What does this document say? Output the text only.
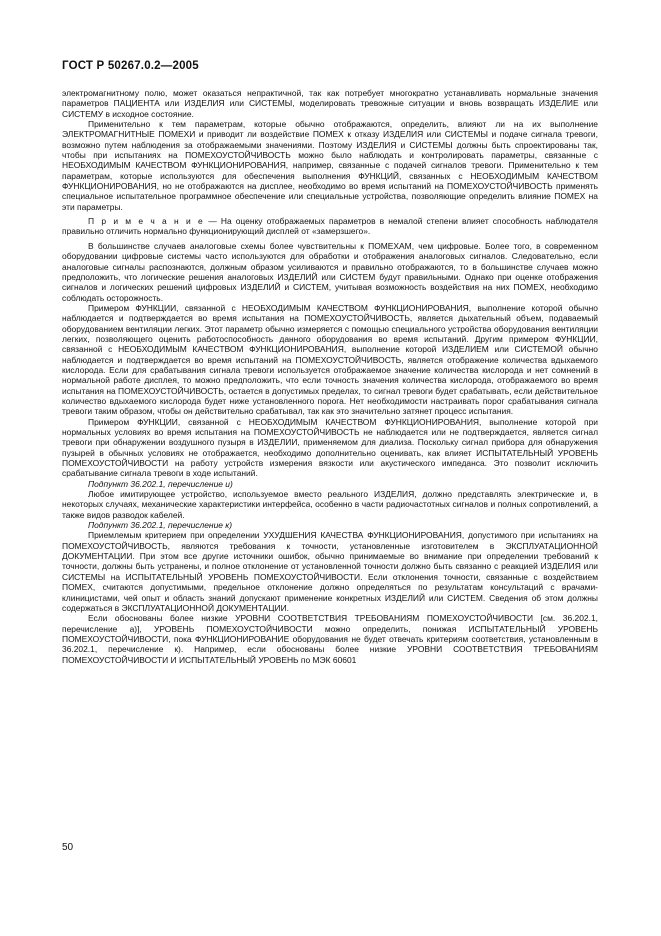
ГОСТ Р 50267.0.2—2005

электромагнитному полю, может оказаться непрактичной, так как потребует многократно устанавливать нормальные значения параметров ПАЦИЕНТА или ИЗДЕЛИЯ или СИСТЕМЫ, моделировать тревожные ситуации и вновь возвращать ИЗДЕЛИЕ или СИСТЕМУ в исходное состояние.

Применительно к тем параметрам, которые обычно отображаются, определить, влияют ли на их выполнение ЭЛЕКТРОМАГНИТНЫЕ ПОМЕХИ и приводит ли воздействие ПОМЕХ к отказу ИЗДЕЛИЯ или СИСТЕМЫ и подаче сигнала тревоги, возможно путем наблюдения за отображаемыми значениями. Поэтому ИЗДЕЛИЯ и СИСТЕМЫ должны быть спроектированы так, чтобы при испытаниях на ПОМЕХОУСТОЙЧИВОСТЬ можно было наблюдать и контролировать параметры, связанные с НЕОБХОДИМЫМ КАЧЕСТВОМ ФУНКЦИОНИРОВАНИЯ, например, связанные с подачей сигналов тревоги. Применительно к тем параметрам, которые используются для обеспечения выполнения ФУНКЦИЙ, связанных с НЕОБХОДИМЫМ КАЧЕСТВОМ ФУНКЦИОНИРОВАНИЯ, но не отображаются на дисплее, необходимо во время испытаний на ПОМЕХОУСТОЙЧИВОСТЬ применять специальное испытательное программное обеспечение или специальные устройства, позволяющие определить влияние ПОМЕХ на эти параметры.

П р и м е ч а н и е — На оценку отображаемых параметров в немалой степени влияет способность наблюдателя правильно отличить нормально функционирующий дисплей от «замерзшего».

В большинстве случаев аналоговые схемы более чувствительны к ПОМЕХАМ, чем цифровые. Более того, в современном оборудовании цифровые системы часто используются для обработки и отображения аналоговых сигналов. Следовательно, если аналоговые сигналы распознаются, должным образом усиливаются и правильно отображаются, то в большинстве случаев можно предположить, что логические решения аналоговых ИЗДЕЛИЙ или СИСТЕМ будут правильными. Однако при оценке отображения сигналов и логических решений цифровых ИЗДЕЛИЙ и СИСТЕМ, учитывая возможность воздействия на них ПОМЕХ, необходимо соблюдать осторожность.

Примером ФУНКЦИИ, связанной с НЕОБХОДИМЫМ КАЧЕСТВОМ ФУНКЦИОНИРОВАНИЯ, выполнение которой обычно наблюдается и подтверждается во время испытания на ПОМЕХОУСТОЙЧИВОСТЬ, является дыхательный объем, подаваемый оборудованием вентиляции легких. Этот параметр обычно измеряется с помощью специального устройства оборудования вентиляции легких, позволяющего оценить работоспособность данного оборудования во время испытаний. Другим примером ФУНКЦИИ, связанной с НЕОБХОДИМЫМ КАЧЕСТВОМ ФУНКЦИОНИРОВАНИЯ, выполнение которой ИЗДЕЛИЕМ или СИСТЕМОЙ обычно наблюдается и подтверждается во время испытаний на ПОМЕХОУСТОЙЧИВОСТЬ, является отображение количества вдыхаемого кислорода. Если для срабатывания сигнала тревоги используется отображаемое значение количества кислорода и нет сомнений в нормальной работе дисплея, то можно предположить, что если точность значения количества кислорода, отображаемого во время испытания на ПОМЕХОУСТОЙЧИВОСТЬ, остается в допустимых пределах, то сигнал тревоги будет срабатывать, если действительное количество вдыхаемого кислорода будет ниже установленного порога. Нет необходимости настраивать порог срабатывания сигнала тревоги таким образом, чтобы он действительно срабатывал, так как это значительно затянет процесс испытания.

Примером ФУНКЦИИ, связанной с НЕОБХОДИМЫМ КАЧЕСТВОМ ФУНКЦИОНИРОВАНИЯ, выполнение которой при нормальных условиях во время испытания на ПОМЕХОУСТОЙЧИВОСТЬ не наблюдается или не подтверждается, является сигнал тревоги при обнаружении воздушного пузыря в ИЗДЕЛИИ, применяемом для диализа. Поскольку сигнал прибора для обнаружения пузырей в обычных условиях не отображается, необходимо дополнительно оценивать, как влияет ИСПЫТАТЕЛЬНЫЙ УРОВЕНЬ ПОМЕХОУСТОЙЧИВОСТИ на работу устройств измерения вязкости или акустического импеданса. Это позволит исключить срабатывание сигнала тревоги в ходе испытаний.

Подпункт 36.202.1, перечисление и)

Любое имитирующее устройство, используемое вместо реального ИЗДЕЛИЯ, должно представлять электрические и, в некоторых случаях, механические характеристики интерфейса, особенно в части радиочастотных сигналов и полных сопротивлений, а также видов разводок кабелей.

Подпункт 36.202.1, перечисление к)

Приемлемым критерием при определении УХУДШЕНИЯ КАЧЕСТВА ФУНКЦИОНИРОВАНИЯ, допустимого при испытаниях на ПОМЕХОУСТОЙЧИВОСТЬ, являются требования к точности, установленные изготовителем в ЭКСПЛУАТАЦИОННОЙ ДОКУМЕНТАЦИИ. При этом все другие источники ошибок, обычно принимаемые во внимание при определении требований к точности, должны быть устранены, и полное отклонение от установленной точности должно быть связанно с реакцией ИЗДЕЛИЯ или СИСТЕМЫ на ИСПЫТАТЕЛЬНЫЙ УРОВЕНЬ ПОМЕХОУСТОЙЧИВОСТИ. Если отклонения точности, связанные с воздействием ПОМЕХ, считаются допустимыми, предельное отклонение должно определяться по результатам консультаций с врачами-клиницистами, чей опыт и область знаний допускают применение конкретных ИЗДЕЛИЙ или СИСТЕМ. Сведения об этом должны содержаться в ЭКСПЛУАТАЦИОННОЙ ДОКУМЕНТАЦИИ.

Если обоснованы более низкие УРОВНИ СООТВЕТСТВИЯ ТРЕБОВАНИЯМ ПОМЕХОУСТОЙЧИВОСТИ [см. 36.202.1, перечисление a)], УРОВЕНЬ ПОМЕХОУСТОЙЧИВОСТИ можно определить, понижая ИСПЫТАТЕЛЬНЫЙ УРОВЕНЬ ПОМЕХОУСТОЙЧИВОСТИ, пока ФУНКЦИОНИРОВАНИЕ оборудования не будет отвечать критериям соответствия, установленным в 36.202.1, перечисление к). Например, если обоснованы более низкие УРОВНИ СООТВЕТСТВИЯ ТРЕБОВАНИЯМ ПОМЕХОУСТОЙЧИВОСТИ И ИСПЫТАТЕЛЬНЫЙ УРОВЕНЬ по МЭК 60601

50
